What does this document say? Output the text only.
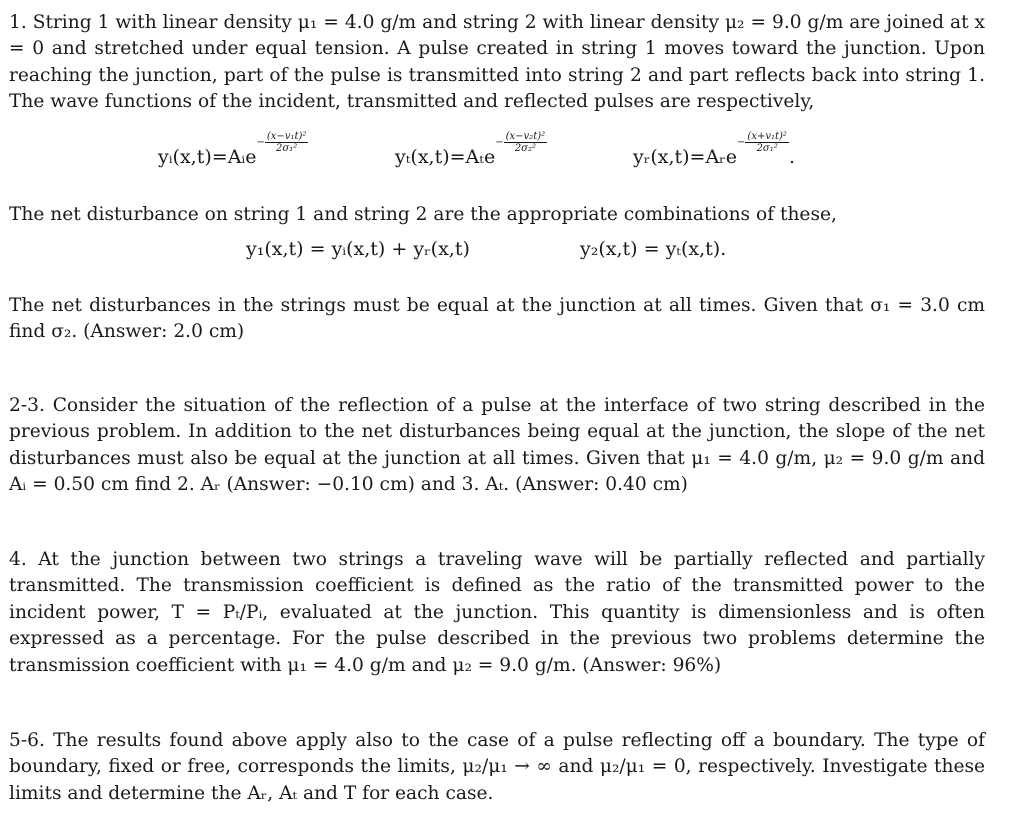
1. String 1 with linear density μ₁ = 4.0 g/m and string 2 with linear density μ₂ = 9.0 g/m are joined at x = 0 and stretched under equal tension. A pulse created in string 1 moves toward the junction. Upon reaching the junction, part of the pulse is transmitted into string 2 and part reflects back into string 1. The wave functions of the incident, transmitted and reflected pulses are respectively,

yᵢ(x,t)=Aᵢe− $\frac{\text{(x−v₁t)²}}{\text{2σ₁²}}$
$y_t(x,t)=A_te- \frac{\text{(x−v₂t)²}}{\text{2σ₂²}}$
yᵣ(x,t)=Aᵣe− $\frac{\text{(x+v₁t)²}}{\text{2σ₁²}}$
.

The net disturbance on string 1 and string 2 are the appropriate combinations of these,

y₁(x,t) = yᵢ(x,t) + yᵣ(x,t)	y₂(x,t) = yₜ(x,t).

The net disturbances in the strings must be equal at the junction at all times. Given that σ₁ = 3.0 cm find σ₂. (Answer: 2.0 cm)

2-3. Consider the situation of the reflection of a pulse at the interface of two string described in the previous problem. In addition to the net disturbances being equal at the junction, the slope of the net disturbances must also be equal at the junction at all times. Given that μ₁ = 4.0 g/m, μ₂ = 9.0 g/m and Aᵢ = 0.50 cm find 2. Aᵣ (Answer: −0.10 cm) and 3. Aₜ. (Answer: 0.40 cm)

4. At the junction between two strings a traveling wave will be partially reflected and partially transmitted. The transmission coefficient is defined as the ratio of the transmitted power to the incident power, T = Pₜ/Pᵢ, evaluated at the junction. This quantity is dimensionless and is often expressed as a percentage. For the pulse described in the previous two problems determine the transmission coefficient with μ₁ = 4.0 g/m and μ₂ = 9.0 g/m. (Answer: 96%)

5-6. The results found above apply also to the case of a pulse reflecting off a boundary. The type of boundary, fixed or free, corresponds the limits, μ₂/μ₁ → ∞ and μ₂/μ₁ = 0, respectively. Investigate these limits and determine the Aᵣ, Aₜ and T for each case.
